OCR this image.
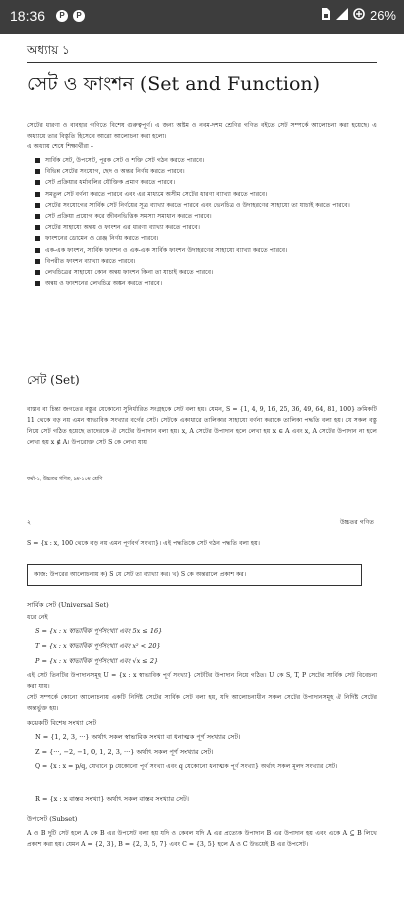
18:36	P	P	26%
অধ্যায় ১
সেট ও ফাংশন (Set and Function)
সেটের ধারণা ও ব্যবহার গণিতে বিশেষ গুরুত্বপূর্ণ। এ জন্য অষ্টম ও নবম-দশম শ্রেণির গণিত বইতে সেট সম্পর্কে আলোচনা করা হয়েছে। এ অধ্যায়ে তার বিস্তৃতি হিসেবে আরো আলোচনা করা হলো।
এ অধ্যায় শেষে শিক্ষার্থীরা -
সার্বিক সেট, উপসেট, পূরক সেট ও শক্তি সেট গঠন করতে পারবে।
বিভিন্ন সেটের সংযোগ, ছেদ ও অন্তর নির্ণয় করতে পারবে।
সেট প্রক্রিয়ার ধর্মাবলির যৌক্তিক প্রমাণ করতে পারবে।
সমতুল সেট বর্ণনা করতে পারবে এবং এর মাধ্যমে অসীম সেটের ধারণা ব্যাখ্যা করতে পারবে।
সেটের সংযোগের সার্বিক সেট নির্ণয়ের সূত্র ব্যাখ্যা করতে পারবে এবং ভেনচিত্র ও উদাহরণের সাহায্যে তা যাচাই করতে পারবে।
সেট প্রক্রিয়া প্রয়োগ করে জীবনভিত্তিক সমস্যা সমাধান করতে পারবে।
সেটের সাহায্যে অন্বয় ও ফাংশন এর ধারণা ব্যাখ্যা করতে পারবে।
ফাংশনের ডোমেন ও রেঞ্জ নির্ণয় করতে পারবে।
এক-এক ফাংশন, সার্বিক ফাংশন ও এক-এক সার্বিক ফাংশন উদাহরণের সাহায্যে ব্যাখ্যা করতে পারবে।
বিপরীত ফাংশন ব্যাখ্যা করতে পারবে।
লেখচিত্রের সাহায্যে কোন অন্বয় ফাংশন কিনা তা যাচাই করতে পারবে।
অন্বয় ও ফাংশনের লেখচিত্র অঙ্কন করতে পারবে।
সেট (Set)
বাস্তব বা চিন্তা জগতের বস্তুর যেকোনো সুনির্ধারিত সংগ্রহকে সেট বলা হয়। যেমন, S = {1, 4, 9, 16, 25, 36, 49, 64, 81, 100} ক্রমিকটি 11 থেকে বড় নয় এমন স্বাভাবিক সংখ্যার বর্গের সেট। সেটকে একাধারে তালিকার সাহায্যে বর্ণনা করাকে তালিকা পদ্ধতি বলা হয়। যে সকল বস্তু নিয়ে সেট গঠিত হয়েছে তাদেরকে ঐ সেটের উপাদান বলা হয়। x, A সেটের উপাদান হলে লেখা হয় x ∈ A এবং x, A সেটের উপাদান না হলে লেখা হয় x ∉ A। উপরোক্ত সেট S কে লেখা যায়
ফর্মা-১, উচ্চতর গণিত, ৯ম-১০ম শ্রেণি
২	উচ্চতর গণিত
S = {x : x, 100 থেকে বড় নয় এমন পূর্ণবর্গ সংখ্যা}। এই পদ্ধতিকে সেট গঠন পদ্ধতি বলা হয়।
কাজ: উপরের আলোচনায় ক) S যে সেট তা ব্যাখ্যা কর। খ) S কে অন্তরালে প্রকাশ কর।
সার্বিক সেট (Universal Set)
ধরে নেই
S = {x : x স্বাভাবিক পূর্ণসংখ্যা এবং 5x ≤ 16}
T = {x : x স্বাভাবিক পূর্ণসংখ্যা এবং x² < 20}
P = {x : x স্বাভাবিক পূর্ণসংখ্যা এবং √x ≤ 2}
এই সেট তিনটির উপাদানসমূহ U = {x : x স্বাভাবিক পূর্ণ সংখ্যা} সেটটির উপাদান নিয়ে গঠিত। U কে S, T, P সেটের সার্বিক সেট বিবেচনা করা যায়।
সেট সম্পর্কে কোনো আলোচনায় একটি নির্দিষ্ট সেটের সার্বিক সেট বলা হয়, যদি আলোচনাধীন সকল সেটের উপাদানসমূহ ঐ নির্দিষ্ট সেটের অন্তর্ভুক্ত হয়।
কয়েকটি বিশেষ সংখ্যা সেট
N = {1, 2, 3, ···} অর্থাৎ সকল স্বাভাবিক সংখ্যা বা ধনাত্মক পূর্ণ সংখ্যার সেট।
Z = {···, −2, −1, 0, 1, 2, 3, ···} অর্থাৎ সকল পূর্ণ সংখ্যার সেট।
Q = {x : x = p/q, যেখানে p যেকোনো পূর্ণ সংখ্যা এবং q যেকোনো ধনাত্মক পূর্ণ সংখ্যা} অর্থাৎ সকল মূলদ সংখ্যার সেট।
R = {x : x বাস্তব সংখ্যা} অর্থাৎ সকল বাস্তব সংখ্যার সেট।
উপসেট (Subset)
A ও B দুটি সেট হলে A কে B এর উপসেট বলা হয় যদি ও কেবল যদি A এর প্রত্যেক উপাদান B এর উপাদান হয় এবং একে A ⊆ B লিখে প্রকাশ করা হয়। যেমন A = {2, 3}, B = {2, 3, 5, 7} এবং C = {3, 5} হলে A ও C উভয়েই B এর উপসেট।
